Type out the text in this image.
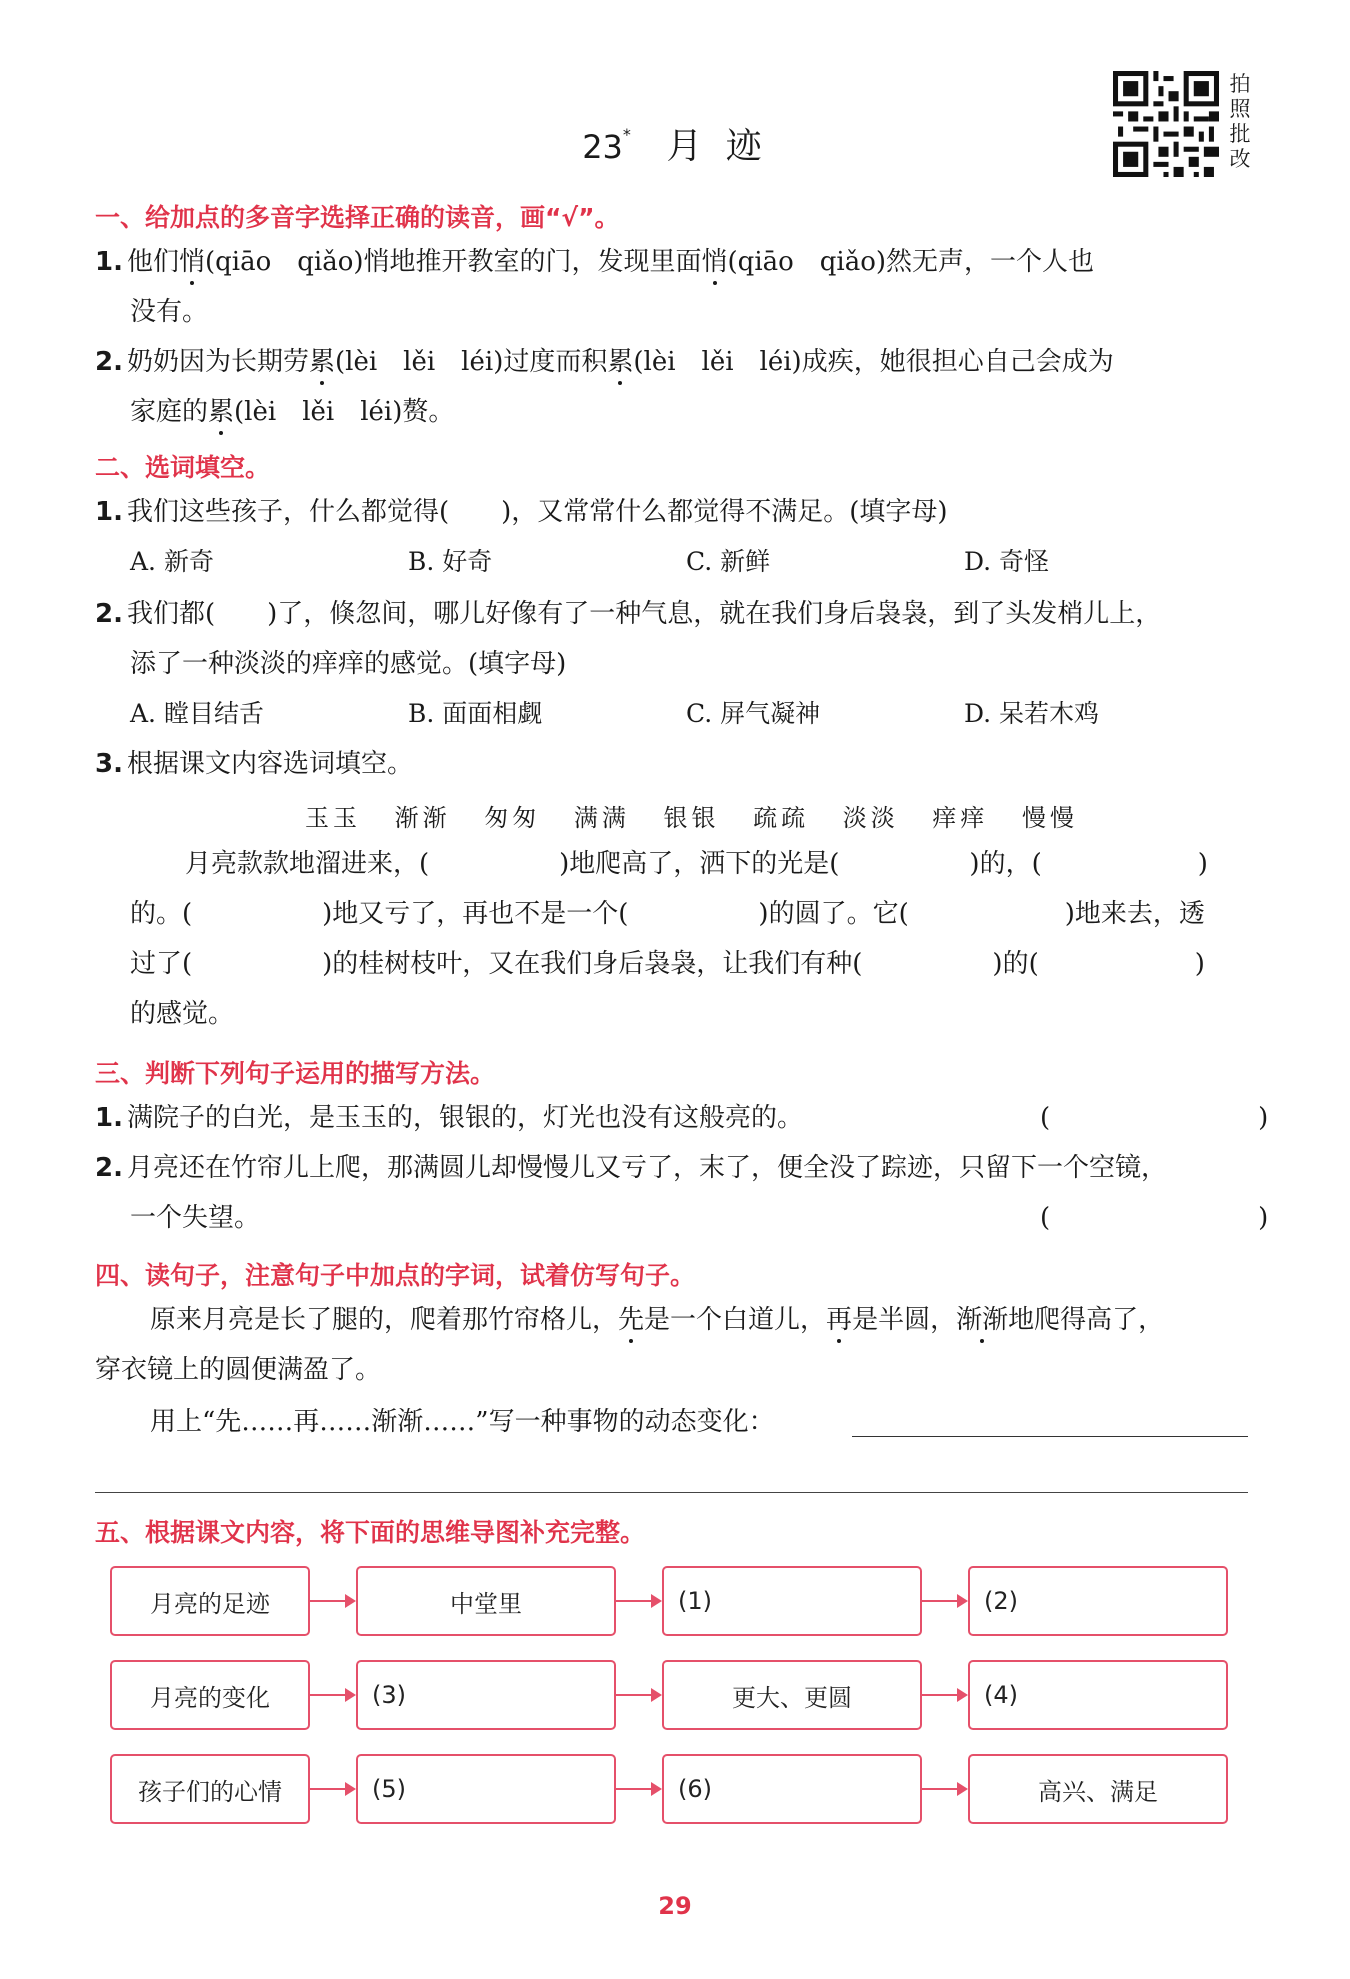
23* 月 迹
拍
照
批
改
一、给加点的多音字选择正确的读音，画“√”。
1. 他们悄(qiāo　qiǎo)悄地推开教室的门，发现里面悄(qiāo　qiǎo)然无声，一个人也
没有。
2. 奶奶因为长期劳累(lèi　lěi　léi)过度而积累(lèi　lěi　léi)成疾，她很担心自己会成为
家庭的累(lèi　lěi　léi)赘。
二、选词填空。
1. 我们这些孩子，什么都觉得(　　)，又常常什么都觉得不满足。(填字母)
A. 新奇	B. 好奇	C. 新鲜	D. 奇怪
2. 我们都(　　)了，倏忽间，哪儿好像有了一种气息，就在我们身后袅袅，到了头发梢儿上，
添了一种淡淡的痒痒的感觉。(填字母)
A. 瞠目结舌	B. 面面相觑	C. 屏气凝神	D. 呆若木鸡
3. 根据课文内容选词填空。
玉玉 渐渐 匆匆 满满 银银 疏疏 淡淡 痒痒 慢慢
月亮款款地溜进来，(　　　　　)地爬高了，洒下的光是(　　　　　)的，(　　　　　　)
的。(　　　　　)地又亏了，再也不是一个(　　　　　)的圆了。它(　　　　　　)地来去，透
过了(　　　　　)的桂树枝叶，又在我们身后袅袅，让我们有种(　　　　　)的(　　　　　　)
的感觉。
三、判断下列句子运用的描写方法。
1. 满院子的白光，是玉玉的，银银的，灯光也没有这般亮的。	(　　　　　　　　)
2. 月亮还在竹帘儿上爬，那满圆儿却慢慢儿又亏了，末了，便全没了踪迹，只留下一个空镜，
一个失望。	(　　　　　　　　)
四、读句子，注意句子中加点的字词，试着仿写句子。
原来月亮是长了腿的，爬着那竹帘格儿，先是一个白道儿，再是半圆，渐渐地爬得高了，
穿衣镜上的圆便满盈了。
用上“先……再……渐渐……”写一种事物的动态变化：
五、根据课文内容，将下面的思维导图补充完整。
月亮的足迹	中堂里	(1)	(2)
月亮的变化	(3)	更大、更圆	(4)
孩子们的心情	(5)	(6)	高兴、满足
29
